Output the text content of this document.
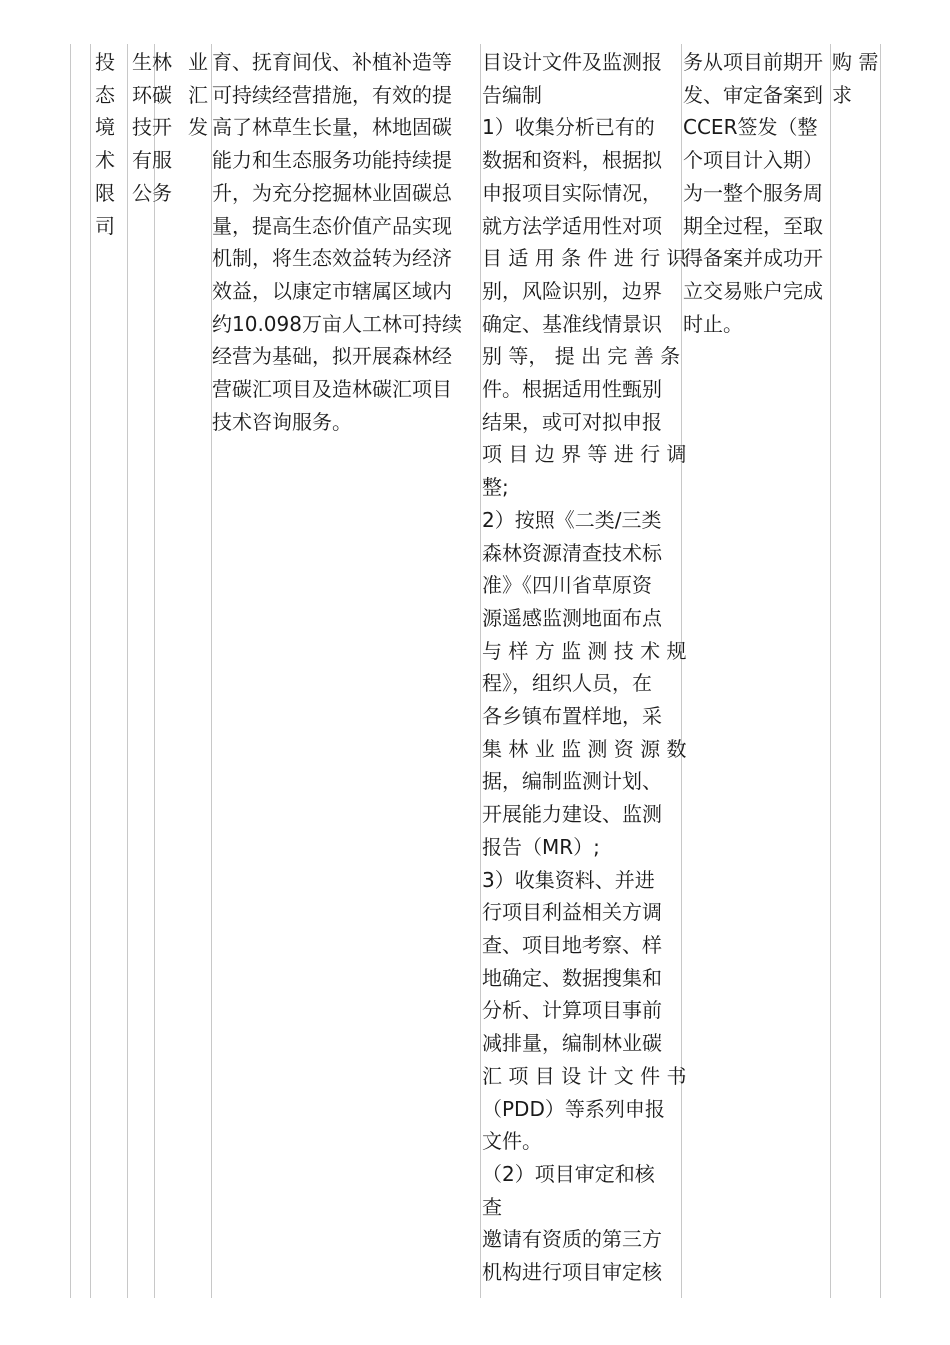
投
态
境
术
限
司
生林
环碳
技开
有服
公务
业
汇
发
育、抚育间伐、补植补造等
可持续经营措施，有效的提
高了林草生长量，林地固碳
能力和生态服务功能持续提
升，为充分挖掘林业固碳总
量，提高生态价值产品实现
机制，将生态效益转为经济
效益，以康定市辖属区域内
约10.098万亩人工林可持续
经营为基础，拟开展森林经
营碳汇项目及造林碳汇项目
技术咨询服务。
目设计文件及监测报
告编制
1）收集分析已有的
数据和资料，根据拟
申报项目实际情况，
就方法学适用性对项
目 适 用 条 件 进 行 识
别，风险识别，边界
确定、基准线情景识
别 等， 提 出 完 善 条
件。根据适用性甄别
结果，或可对拟申报
项 目 边 界 等 进 行 调
整;
2）按照《二类/三类
森林资源清查技术标
准》《四川省草原资
源遥感监测地面布点
与 样 方 监 测 技 术 规
程》，组织人员，在
各乡镇布置样地，采
集 林 业 监 测 资 源 数
据，编制监测计划、
开展能力建设、监测
报告（MR）;
3）收集资料、并进
行项目利益相关方调
查、项目地考察、样
地确定、数据搜集和
分析、计算项目事前
减排量，编制林业碳
汇 项 目 设 计 文 件 书
（PDD）等系列申报
文件。
（2）项目审定和核
查
邀请有资质的第三方
机构进行项目审定核
务从项目前期开
发、审定备案到
CCER签发（整
个项目计入期）
为一整个服务周
期全过程，至取
得备案并成功开
立交易账户完成
时止。
购 需
求
